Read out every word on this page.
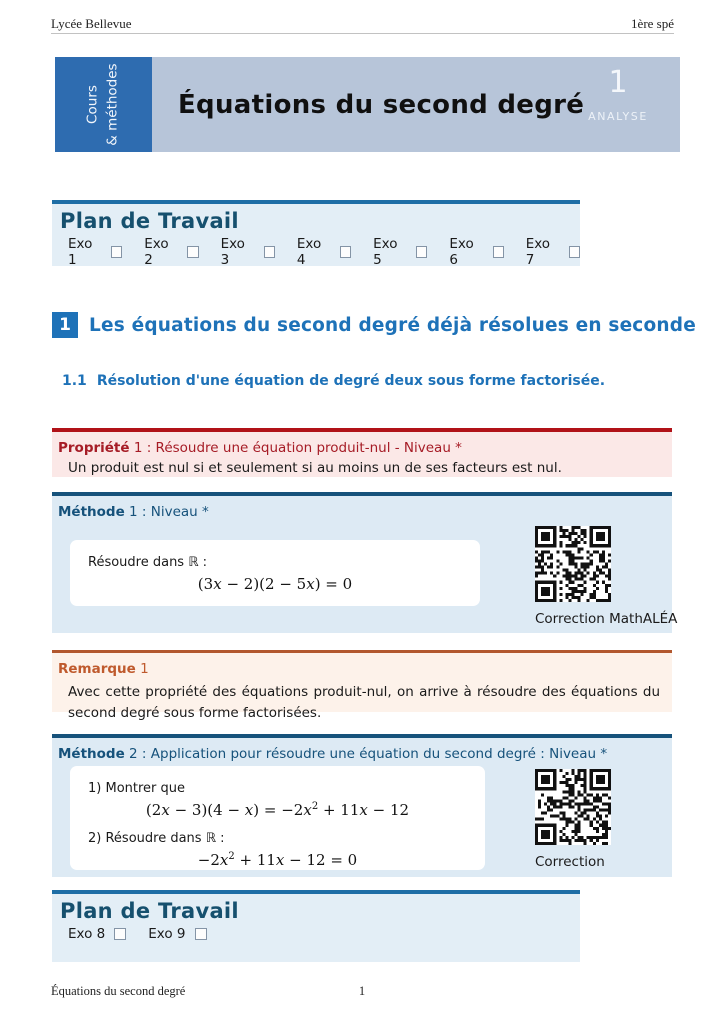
Lycée Bellevue	1ère spé
Cours & méthodes	Équations du second degré
1
ANALYSE
Plan de Travail
Exo 1
Exo 2
Exo 3
Exo 4
Exo 5
Exo 6
Exo 7
1 Les équations du second degré déjà résolues en seconde
1.1 Résolution d'une équation de degré deux sous forme factorisée.
Propriété 1 : Résoudre une équation produit-nul - Niveau *
Un produit est nul si et seulement si au moins un de ses facteurs est nul.
Méthode 1 : Niveau *
Résoudre dans ℝ :
(3x − 2)(2 − 5x) = 0
Correction MathALÉA
Remarque 1
Avec cette propriété des équations produit-nul, on arrive à résoudre des équations du second degré sous forme factorisées.
Méthode 2 : Application pour résoudre une équation du second degré : Niveau *
1) Montrer que
$(2x - 3)(4 - x) = -2x^2 + 11x - 12$
2) Résoudre dans ℝ :
$-2x^2 + 11x - 12 = 0$	Correction
Plan de Travail
Exo 8	Exo 9
Équations du second degré	1
